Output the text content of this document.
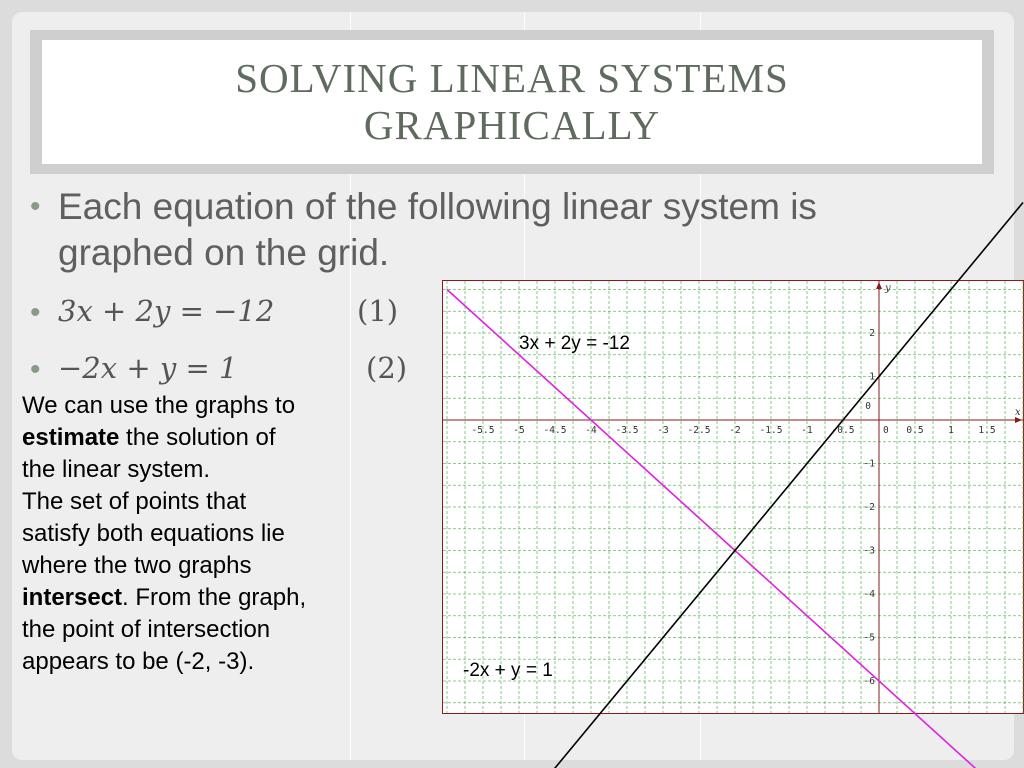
SOLVING LINEAR SYSTEMS
GRAPHICALLY
• Each equation of the following linear system is
graphed on the grid.
• 3x + 2y = −12	(1)
• −2x + y = 1	(2)
We can use the graphs to
estimate the solution of
the linear system.
The set of points that
satisfy both equations lie
where the two graphs
intersect. From the graph,
the point of intersection
appears to be (-2, -3).
y
x
-5.5 -5 -4.5 -4 -3.5 -3 -2.5 -2 -1.5 -1 -0.5	0 0.5	1	1.5
2
1
0
-1
-2
-3
-4
-5
-6
3x + 2y = -12
-2x + y = 1
